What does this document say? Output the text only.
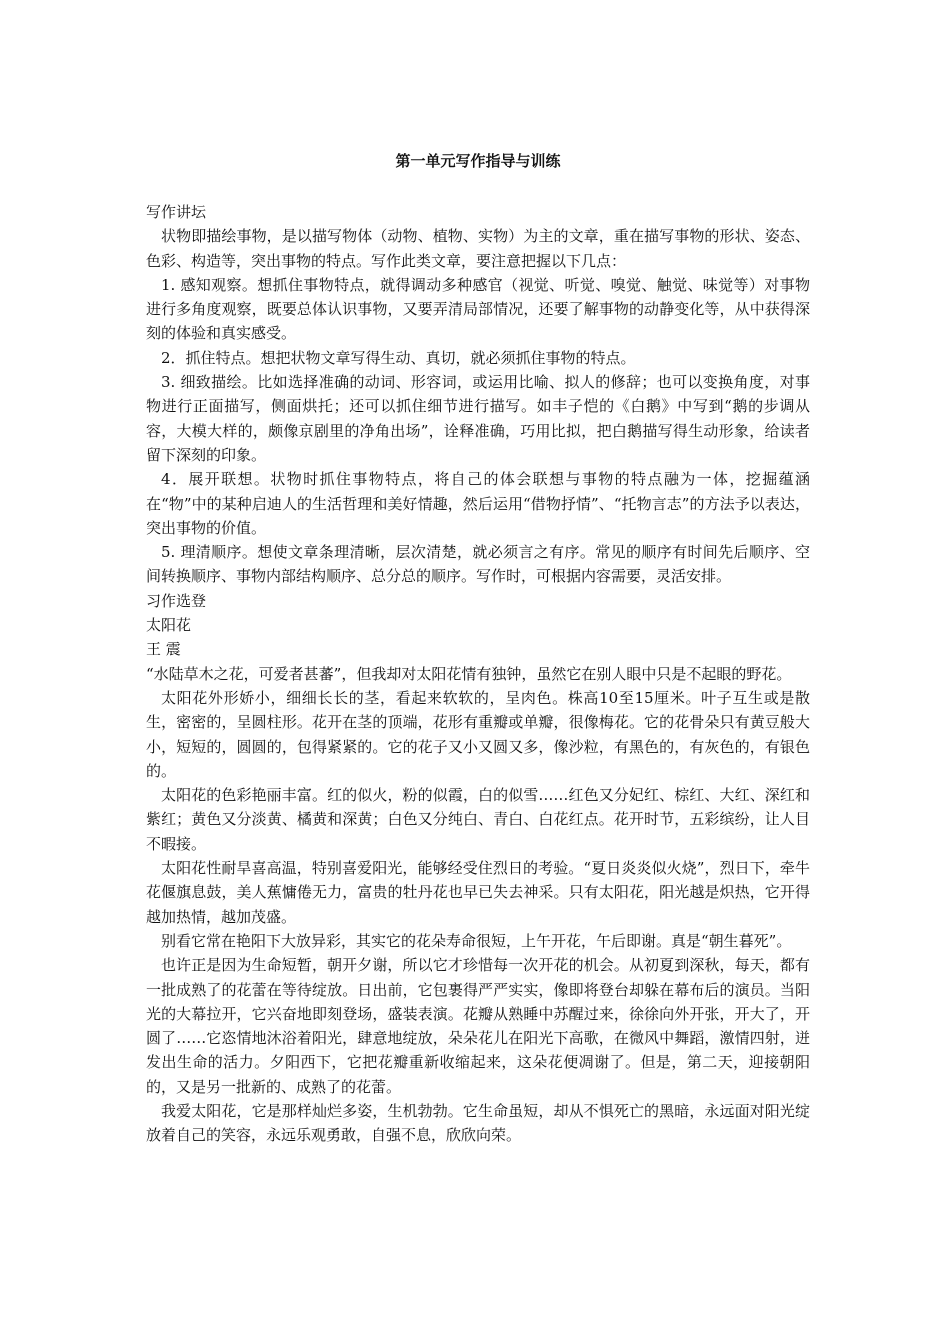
第一单元写作指导与训练

写作讲坛

状物即描绘事物，是以描写物体（动物、植物、实物）为主的文章，重在描写事物的形状、姿态、色彩、构造等，突出事物的特点。写作此类文章，要注意把握以下几点：

1. 感知观察。想抓住事物特点，就得调动多种感官（视觉、听觉、嗅觉、触觉、味觉等）对事物进行多角度观察，既要总体认识事物，又要弄清局部情况，还要了解事物的动静变化等，从中获得深刻的体验和真实感受。

2．抓住特点。想把状物文章写得生动、真切，就必须抓住事物的特点。

3. 细致描绘。比如选择准确的动词、形容词，或运用比喻、拟人的修辞；也可以变换角度，对事物进行正面描写，侧面烘托；还可以抓住细节进行描写。如丰子恺的《白鹅》中写到“鹅的步调从容，大模大样的，颇像京剧里的净角出场”，诠释准确，巧用比拟，把白鹅描写得生动形象，给读者留下深刻的印象。

4．展开联想。状物时抓住事物特点，将自己的体会联想与事物的特点融为一体，挖掘蕴涵在“物”中的某种启迪人的生活哲理和美好情趣，然后运用“借物抒情”、“托物言志”的方法予以表达，突出事物的价值。

5. 理清顺序。想使文章条理清晰，层次清楚，就必须言之有序。常见的顺序有时间先后顺序、空间转换顺序、事物内部结构顺序、总分总的顺序。写作时，可根据内容需要，灵活安排。

习作选登

太阳花

王 震

“水陆草木之花，可爱者甚蕃”，但我却对太阳花情有独钟，虽然它在别人眼中只是不起眼的野花。

太阳花外形娇小，细细长长的茎，看起来软软的，呈肉色。株高10至15厘米。叶子互生或是散生，密密的，呈圆柱形。花开在茎的顶端，花形有重瓣或单瓣，很像梅花。它的花骨朵只有黄豆般大小，短短的，圆圆的，包得紧紧的。它的花子又小又圆又多，像沙粒，有黑色的，有灰色的，有银色的。

太阳花的色彩艳丽丰富。红的似火，粉的似霞，白的似雪……红色又分妃红、棕红、大红、深红和紫红；黄色又分淡黄、橘黄和深黄；白色又分纯白、青白、白花红点。花开时节，五彩缤纷，让人目不暇接。

太阳花性耐旱喜高温，特别喜爱阳光，能够经受住烈日的考验。“夏日炎炎似火烧”，烈日下，牵牛花偃旗息鼓，美人蕉慵倦无力，富贵的牡丹花也早已失去神采。只有太阳花，阳光越是炽热，它开得越加热情，越加茂盛。

别看它常在艳阳下大放异彩，其实它的花朵寿命很短，上午开花，午后即谢。真是“朝生暮死”。

也许正是因为生命短暂，朝开夕谢，所以它才珍惜每一次开花的机会。从初夏到深秋，每天，都有一批成熟了的花蕾在等待绽放。日出前，它包裹得严严实实，像即将登台却躲在幕布后的演员。当阳光的大幕拉开，它兴奋地即刻登场，盛装表演。花瓣从熟睡中苏醒过来，徐徐向外开张，开大了，开圆了……它恣情地沐浴着阳光，肆意地绽放，朵朵花儿在阳光下高歌，在微风中舞蹈，激情四射，迸发出生命的活力。夕阳西下，它把花瓣重新收缩起来，这朵花便凋谢了。但是，第二天，迎接朝阳的，又是另一批新的、成熟了的花蕾。

我爱太阳花，它是那样灿烂多姿，生机勃勃。它生命虽短，却从不惧死亡的黑暗，永远面对阳光绽放着自己的笑容，永远乐观勇敢，自强不息，欣欣向荣。
